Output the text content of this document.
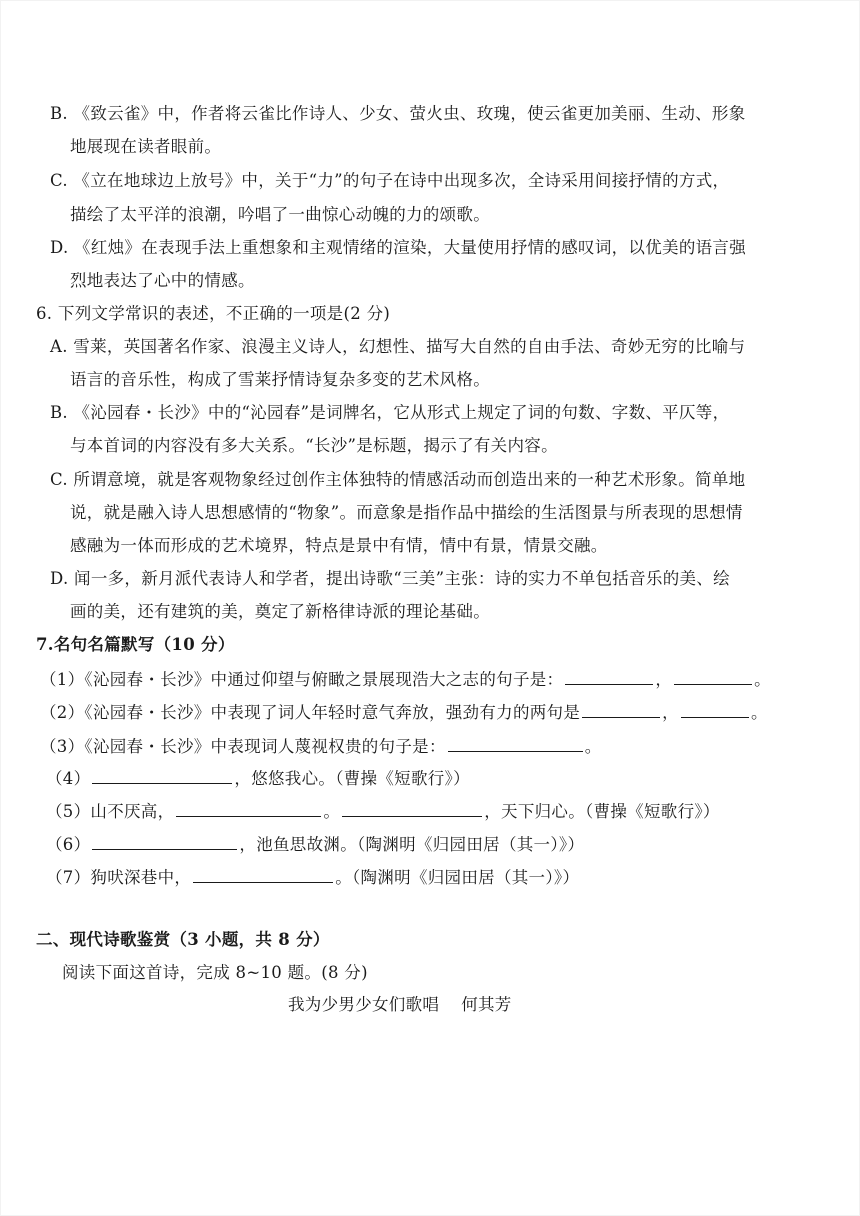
B. 《致云雀》中，作者将云雀比作诗人、少女、萤火虫、玫瑰，使云雀更加美丽、生动、形象
地展现在读者眼前。
C. 《立在地球边上放号》中，关于“力”的句子在诗中出现多次，全诗采用间接抒情的方式，
描绘了太平洋的浪潮，吟唱了一曲惊心动魄的力的颂歌。
D. 《红烛》在表现手法上重想象和主观情绪的渲染，大量使用抒情的感叹词，以优美的语言强
烈地表达了心中的情感。
6. 下列文学常识的表述，不正确的一项是(2 分)
A. 雪莱，英国著名作家、浪漫主义诗人，幻想性、描写大自然的自由手法、奇妙无穷的比喻与
语言的音乐性，构成了雪莱抒情诗复杂多变的艺术风格。
B. 《沁园春・长沙》中的“沁园春”是词牌名，它从形式上规定了词的句数、字数、平仄等，
与本首词的内容没有多大关系。“长沙”是标题，揭示了有关内容。
C. 所谓意境，就是客观物象经过创作主体独特的情感活动而创造出来的一种艺术形象。简单地
说，就是融入诗人思想感情的“物象”。而意象是指作品中描绘的生活图景与所表现的思想情
感融为一体而形成的艺术境界，特点是景中有情，情中有景，情景交融。
D. 闻一多，新月派代表诗人和学者，提出诗歌“三美”主张：诗的实力不单包括音乐的美、绘
画的美，还有建筑的美，奠定了新格律诗派的理论基础。
7.名句名篇默写（10 分）
（1）《沁园春・长沙》中通过仰望与俯瞰之景展现浩大之志的句子是：	，	。
（2）《沁园春・长沙》中表现了词人年轻时意气奔放，强劲有力的两句是	，	。
（3）《沁园春・长沙》中表现词人蔑视权贵的句子是：	。
（4）	，悠悠我心。（曹操《短歌行》）
（5）山不厌高，	。	，天下归心。（曹操《短歌行》）
（6）	，池鱼思故渊。（陶渊明《归园田居（其一）》）
（7）狗吠深巷中，	。（陶渊明《归园田居（其一）》）
二、现代诗歌鉴赏（3 小题，共 8 分）
阅读下面这首诗，完成 8~10 题。(8 分)
我为少男少女们歌唱 何其芳
